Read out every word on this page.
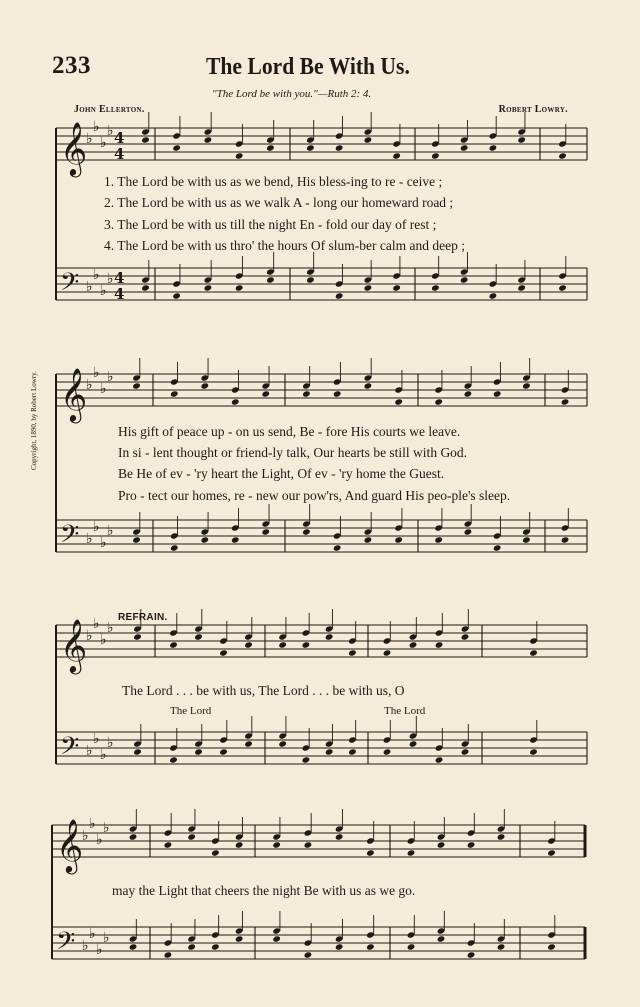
233	The Lord Be With Us.
"The Lord be with you."—Ruth 2: 4.
John Ellerton.	Robert Lowry.
Copyright, 1890, by Robert Lowry.
REFRAIN.
𝄞
𝄢
♭
♭
♭
♭
♭
♭
♭
♭
4
4
4
4
𝄞
𝄢
♭
♭
♭
♭
♭
♭
♭
♭
𝄞
𝄢
♭
♭
♭
♭
♭
♭
♭
♭
𝄞
𝄢
♭
♭
♭
♭
♭
♭
♭
♭
1. The Lord be with us as we bend, His bless-ing to re - ceive ;
2. The Lord be with us as we walk A - long our homeward road ;
3. The Lord be with us till the night En - fold our day of rest ;
4. The Lord be with us thro' the hours Of slum-ber calm and deep ;
His gift of peace up - on us send, Be - fore His courts we leave.
In si - lent thought or friend-ly talk, Our hearts be still with God.
Be He of ev - 'ry heart the Light, Of ev - 'ry home the Guest.
Pro - tect our homes, re - new our pow'rs, And guard His peo-ple's sleep.
The Lord . . . be with us, The Lord . . . be with us, O
The Lord	The Lord
may the Light that cheers the night Be with us as we go.
